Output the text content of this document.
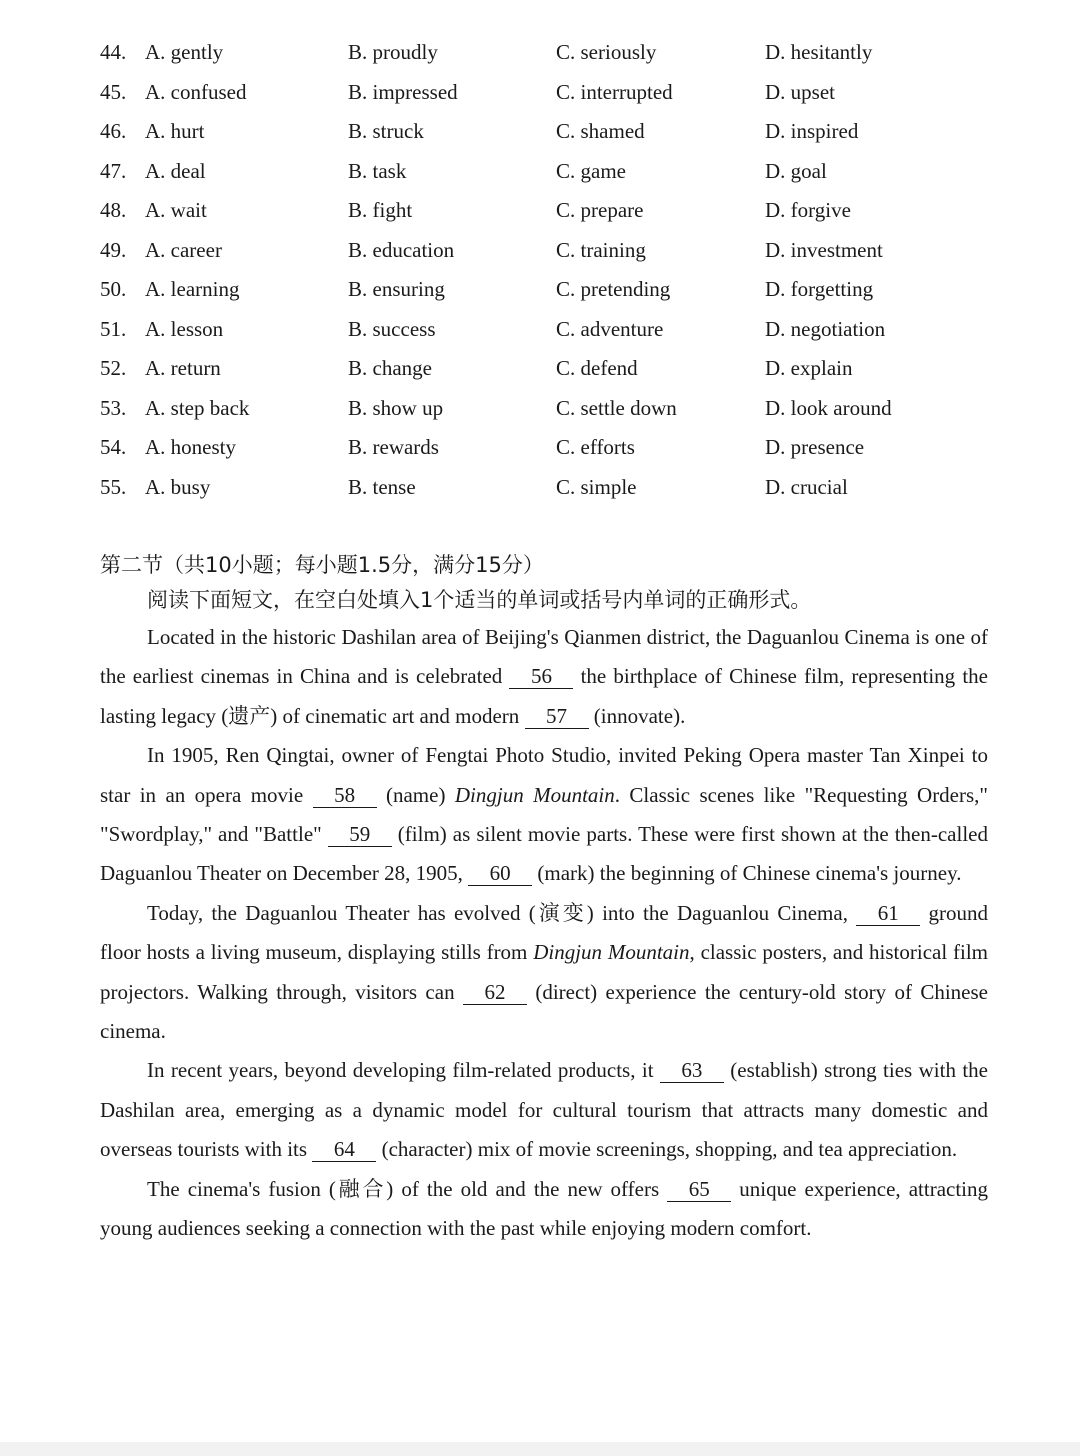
44. A. gently	B. proudly	C. seriously	D. hesitantly
45. A. confused	B. impressed	C. interrupted	D. upset
46. A. hurt	B. struck	C. shamed	D. inspired
47. A. deal	B. task	C. game	D. goal
48. A. wait	B. fight	C. prepare	D. forgive
49. A. career	B. education	C. training	D. investment
50. A. learning	B. ensuring	C. pretending	D. forgetting
51. A. lesson	B. success	C. adventure	D. negotiation
52. A. return	B. change	C. defend	D. explain
53. A. step back	B. show up	C. settle down	D. look around
54. A. honesty	B. rewards	C. efforts	D. presence
55. A. busy	B. tense	C. simple	D. crucial

第二节（共10小题；每小题1.5分，满分15分）

阅读下面短文，在空白处填入1个适当的单词或括号内单词的正确形式。

Located in the historic Dashilan area of Beijing's Qianmen district, the Daguanlou Cinema is one of the earliest cinemas in China and is celebrated 56 the birthplace of Chinese film, representing the lasting legacy (遗产) of cinematic art and modern 57 (innovate).

In 1905, Ren Qingtai, owner of Fengtai Photo Studio, invited Peking Opera master Tan Xinpei to star in an opera movie 58 (name) Dingjun Mountain. Classic scenes like "Requesting Orders," "Swordplay," and "Battle" 59 (film) as silent movie parts. These were first shown at the then-called Daguanlou Theater on December 28, 1905, 60 (mark) the beginning of Chinese cinema's journey.

Today, the Daguanlou Theater has evolved (演变) into the Daguanlou Cinema, 61 ground floor hosts a living museum, displaying stills from Dingjun Mountain, classic posters, and historical film projectors. Walking through, visitors can 62 (direct) experience the century-old story of Chinese cinema.

In recent years, beyond developing film-related products, it 63 (establish) strong ties with the Dashilan area, emerging as a dynamic model for cultural tourism that attracts many domestic and overseas tourists with its 64 (character) mix of movie screenings, shopping, and tea appreciation.

The cinema's fusion (融合) of the old and the new offers 65 unique experience, attracting young audiences seeking a connection with the past while enjoying modern comfort.
